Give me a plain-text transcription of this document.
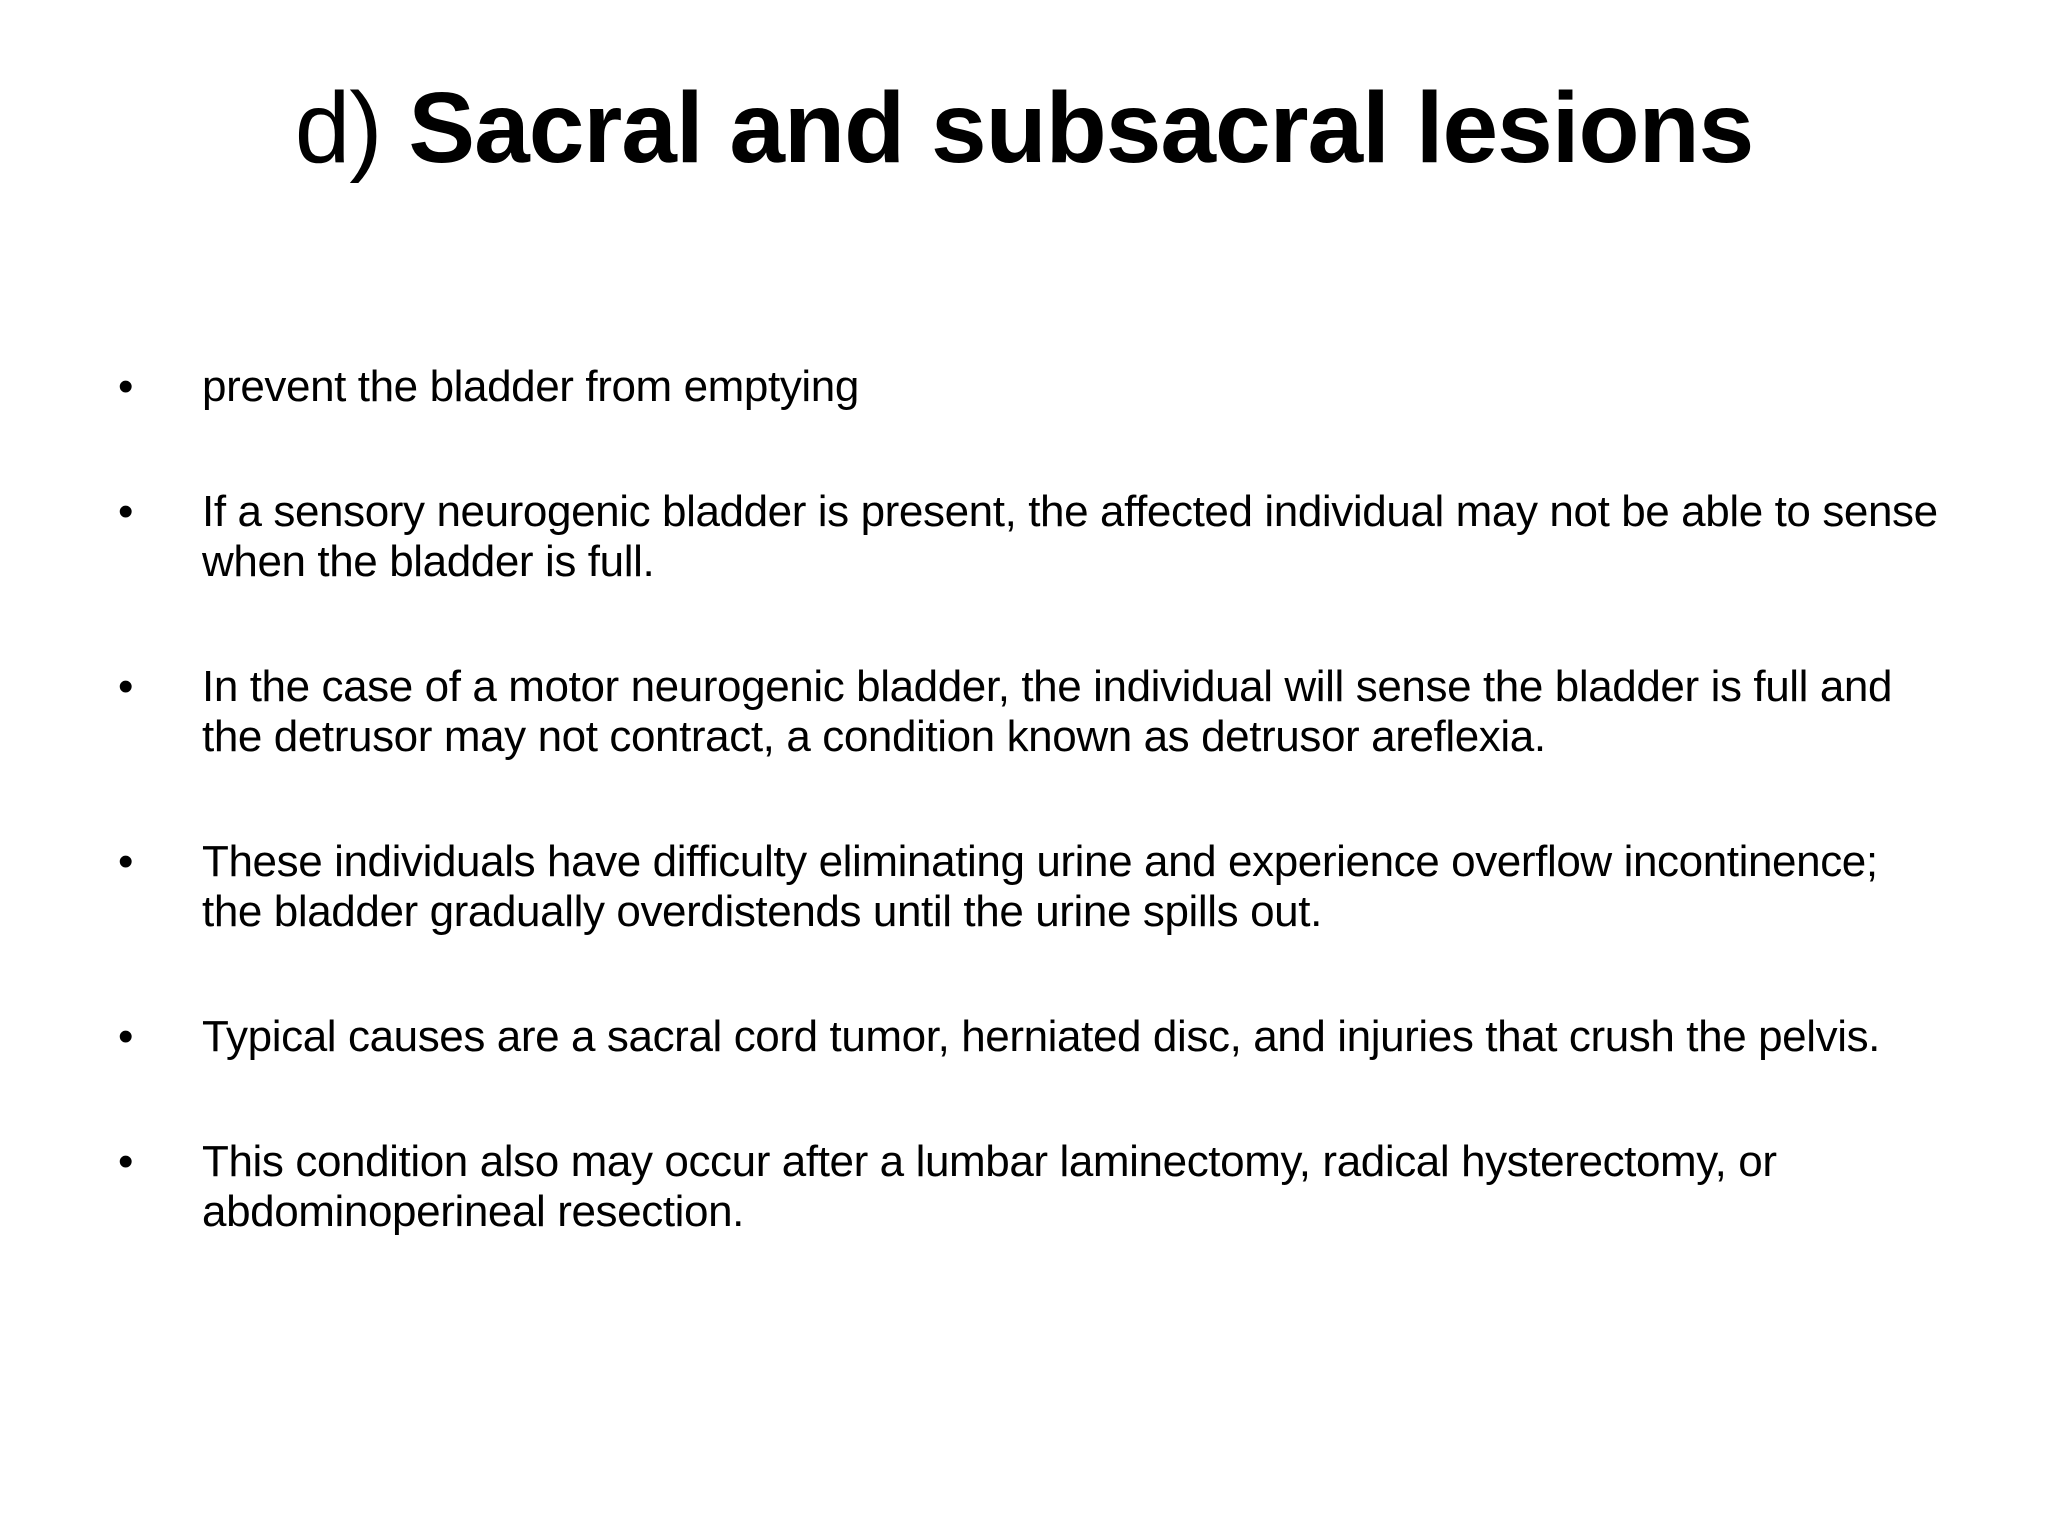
d) Sacral and subsacral lesions
•	prevent the bladder from emptying
•	If a sensory neurogenic bladder is present, the affected individual may not be able to sense when the bladder is full.
•	In the case of a motor neurogenic bladder, the individual will sense the bladder is full and the detrusor may not contract, a condition known as detrusor areflexia.
•	These individuals have difficulty eliminating urine and experience overflow incontinence; the bladder gradually overdistends until the urine spills out.
•	Typical causes are a sacral cord tumor, herniated disc, and injuries that crush the pelvis.
•	This condition also may occur after a lumbar laminectomy, radical hysterectomy, or abdominoperineal resection.
